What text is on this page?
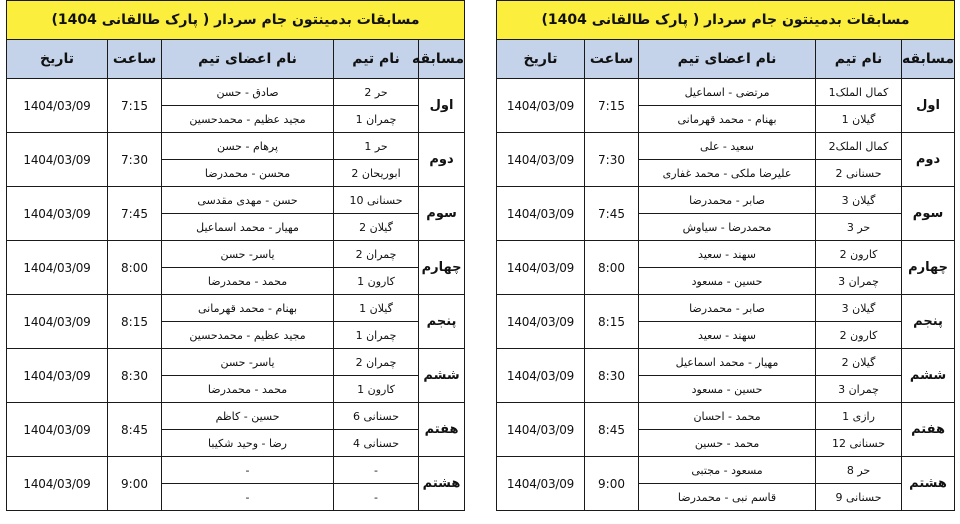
مسابقات بدمینتون جام سردار ( پارک طالقانی 1404)				
مسابقه	نام تیم	نام اعضای تیم	ساعت	تاریخ
اول	کمال الملک1	مرتضی - اسماعیل	7:15	1404/03/09
	گیلان 1	بهنام - محمد قهرمانی		
دوم	کمال الملک2	سعید - علی	7:30	1404/03/09
	حسنانی 2	علیرضا ملکی - محمد غفاری		
سوم	گیلان 3	صابر - محمدرضا	7:45	1404/03/09
	حر 3	محمدرضا - سیاوش		
چهارم	کارون 2	سهند - سعید	8:00	1404/03/09
	چمران 3	حسین - مسعود		
پنجم	گیلان 3	صابر - محمدرضا	8:15	1404/03/09
	کارون 2	سهند - سعید		
ششم	گیلان 2	مهیار - محمد اسماعیل	8:30	1404/03/09
	چمران 3	حسین - مسعود		
هفتم	رازی 1	محمد - احسان	8:45	1404/03/09
	حسنانی 12	محمد - حسین		
هشتم	حر 8	مسعود - مجتبی	9:00	1404/03/09
	حسنانی 9	قاسم نبی - محمدرضا		
مسابقات بدمینتون جام سردار ( پارک طالقانی 1404)				
مسابقه	نام تیم	نام اعضای تیم	ساعت	تاریخ
اول	حر 2	صادق - حسن	7:15	1404/03/09
	چمران 1	مجید عظیم - محمدحسین		
دوم	حر 1	پرهام - حسن	7:30	1404/03/09
	ابوریحان 2	محسن - محمدرضا		
سوم	حسنانی 10	حسن - مهدی مقدسی	7:45	1404/03/09
	گیلان 2	مهیار - محمد اسماعیل		
چهارم	چمران 2	یاسر- حسن	8:00	1404/03/09
	کارون 1	محمد - محمدرضا		
پنجم	گیلان 1	بهنام - محمد قهرمانی	8:15	1404/03/09
	چمران 1	مجید عظیم - محمدحسین		
ششم	چمران 2	یاسر- حسن	8:30	1404/03/09
	کارون 1	محمد - محمدرضا		
هفتم	حسنانی 6	حسین - کاظم	8:45	1404/03/09
	حسنانی 4	رضا - وحید شکیبا		
هشتم	-	-	9:00	1404/03/09
	-	-		
